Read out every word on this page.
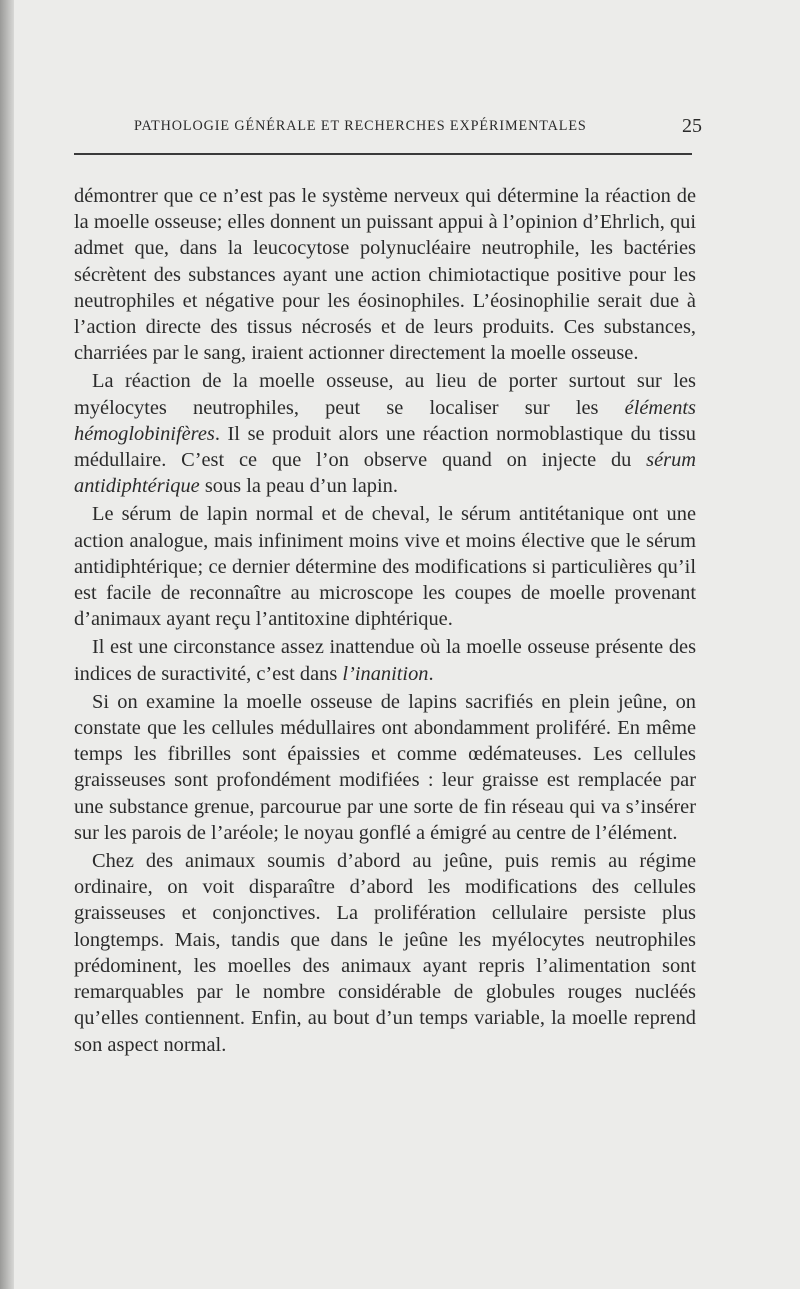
PATHOLOGIE GÉNÉRALE ET RECHERCHES EXPÉRIMENTALES	25

démontrer que ce n’est pas le système nerveux qui détermine la réaction de la moelle osseuse; elles donnent un puissant appui à l’opinion d’Ehrlich, qui admet que, dans la leucocytose polynucléaire neutrophile, les bactéries sécrètent des substances ayant une action chimiotactique positive pour les neutrophiles et négative pour les éosinophiles. L’éosinophilie serait due à l’action directe des tissus nécrosés et de leurs produits. Ces substances, charriées par le sang, iraient actionner directement la moelle osseuse.

La réaction de la moelle osseuse, au lieu de porter surtout sur les myélocytes neutrophiles, peut se localiser sur les éléments hémoglobinifères. Il se produit alors une réaction normoblastique du tissu médullaire. C’est ce que l’on observe quand on injecte du sérum antidiphtérique sous la peau d’un lapin.

Le sérum de lapin normal et de cheval, le sérum antitétanique ont une action analogue, mais infiniment moins vive et moins élective que le sérum antidiphtérique; ce dernier détermine des modifications si particulières qu’il est facile de reconnaître au microscope les coupes de moelle provenant d’animaux ayant reçu l’antitoxine diphtérique.

Il est une circonstance assez inattendue où la moelle osseuse présente des indices de suractivité, c’est dans l’inanition.

Si on examine la moelle osseuse de lapins sacrifiés en plein jeûne, on constate que les cellules médullaires ont abondamment proliféré. En même temps les fibrilles sont épaissies et comme œdémateuses. Les cellules graisseuses sont profondément modifiées : leur graisse est remplacée par une substance grenue, parcourue par une sorte de fin réseau qui va s’insérer sur les parois de l’aréole; le noyau gonflé a émigré au centre de l’élément.

Chez des animaux soumis d’abord au jeûne, puis remis au régime ordinaire, on voit disparaître d’abord les modifications des cellules graisseuses et conjonctives. La prolifération cellulaire persiste plus longtemps. Mais, tandis que dans le jeûne les myélocytes neutrophiles prédominent, les moelles des animaux ayant repris l’alimentation sont remarquables par le nombre considérable de globules rouges nucléés qu’elles contiennent. Enfin, au bout d’un temps variable, la moelle reprend son aspect normal.
